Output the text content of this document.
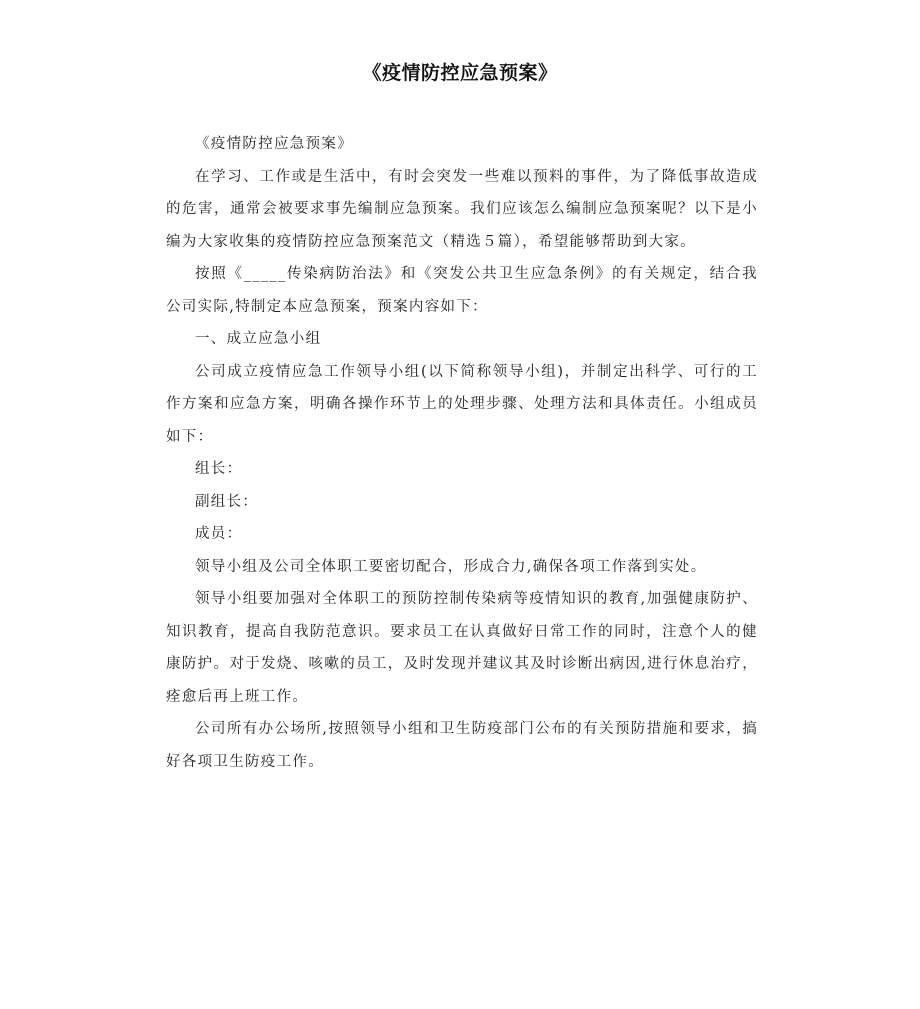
《疫情防控应急预案》

《疫情防控应急预案》

在学习、工作或是生活中，有时会突发一些难以预料的事件，为了降低事故造成的危害，通常会被要求事先编制应急预案。我们应该怎么编制应急预案呢？以下是小编为大家收集的疫情防控应急预案范文（精选５篇），希望能够帮助到大家。

按照《_____传染病防治法》和《突发公共卫生应急条例》的有关规定，结合我公司实际,特制定本应急预案，预案内容如下：

一、成立应急小组

公司成立疫情应急工作领导小组(以下简称领导小组)，并制定出科学、可行的工作方案和应急方案，明确各操作环节上的处理步骤、处理方法和具体责任。小组成员如下：

组长：

副组长：

成员：

领导小组及公司全体职工要密切配合，形成合力,确保各项工作落到实处。

领导小组要加强对全体职工的预防控制传染病等疫情知识的教育,加强健康防护、知识教育，提高自我防范意识。要求员工在认真做好日常工作的同时，注意个人的健康防护。对于发烧、咳嗽的员工，及时发现并建议其及时诊断出病因,进行休息治疗，痊愈后再上班工作。

公司所有办公场所,按照领导小组和卫生防疫部门公布的有关预防措施和要求，搞好各项卫生防疫工作。
